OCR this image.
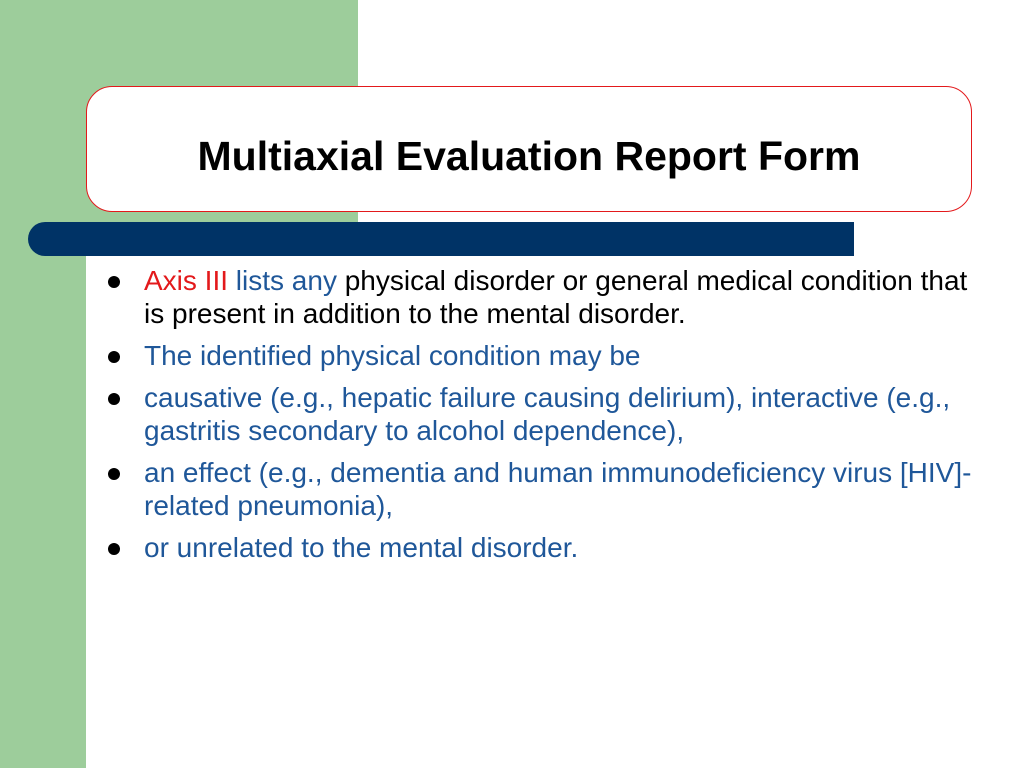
Multiaxial Evaluation Report Form
Axis III lists any physical disorder or general medical condition that is present in addition to the mental disorder.
The identified physical condition may be
causative (e.g., hepatic failure causing delirium), interactive (e.g., gastritis secondary to alcohol dependence),
an effect (e.g., dementia and human immunodeficiency virus [HIV]-related pneumonia),
or unrelated to the mental disorder.
